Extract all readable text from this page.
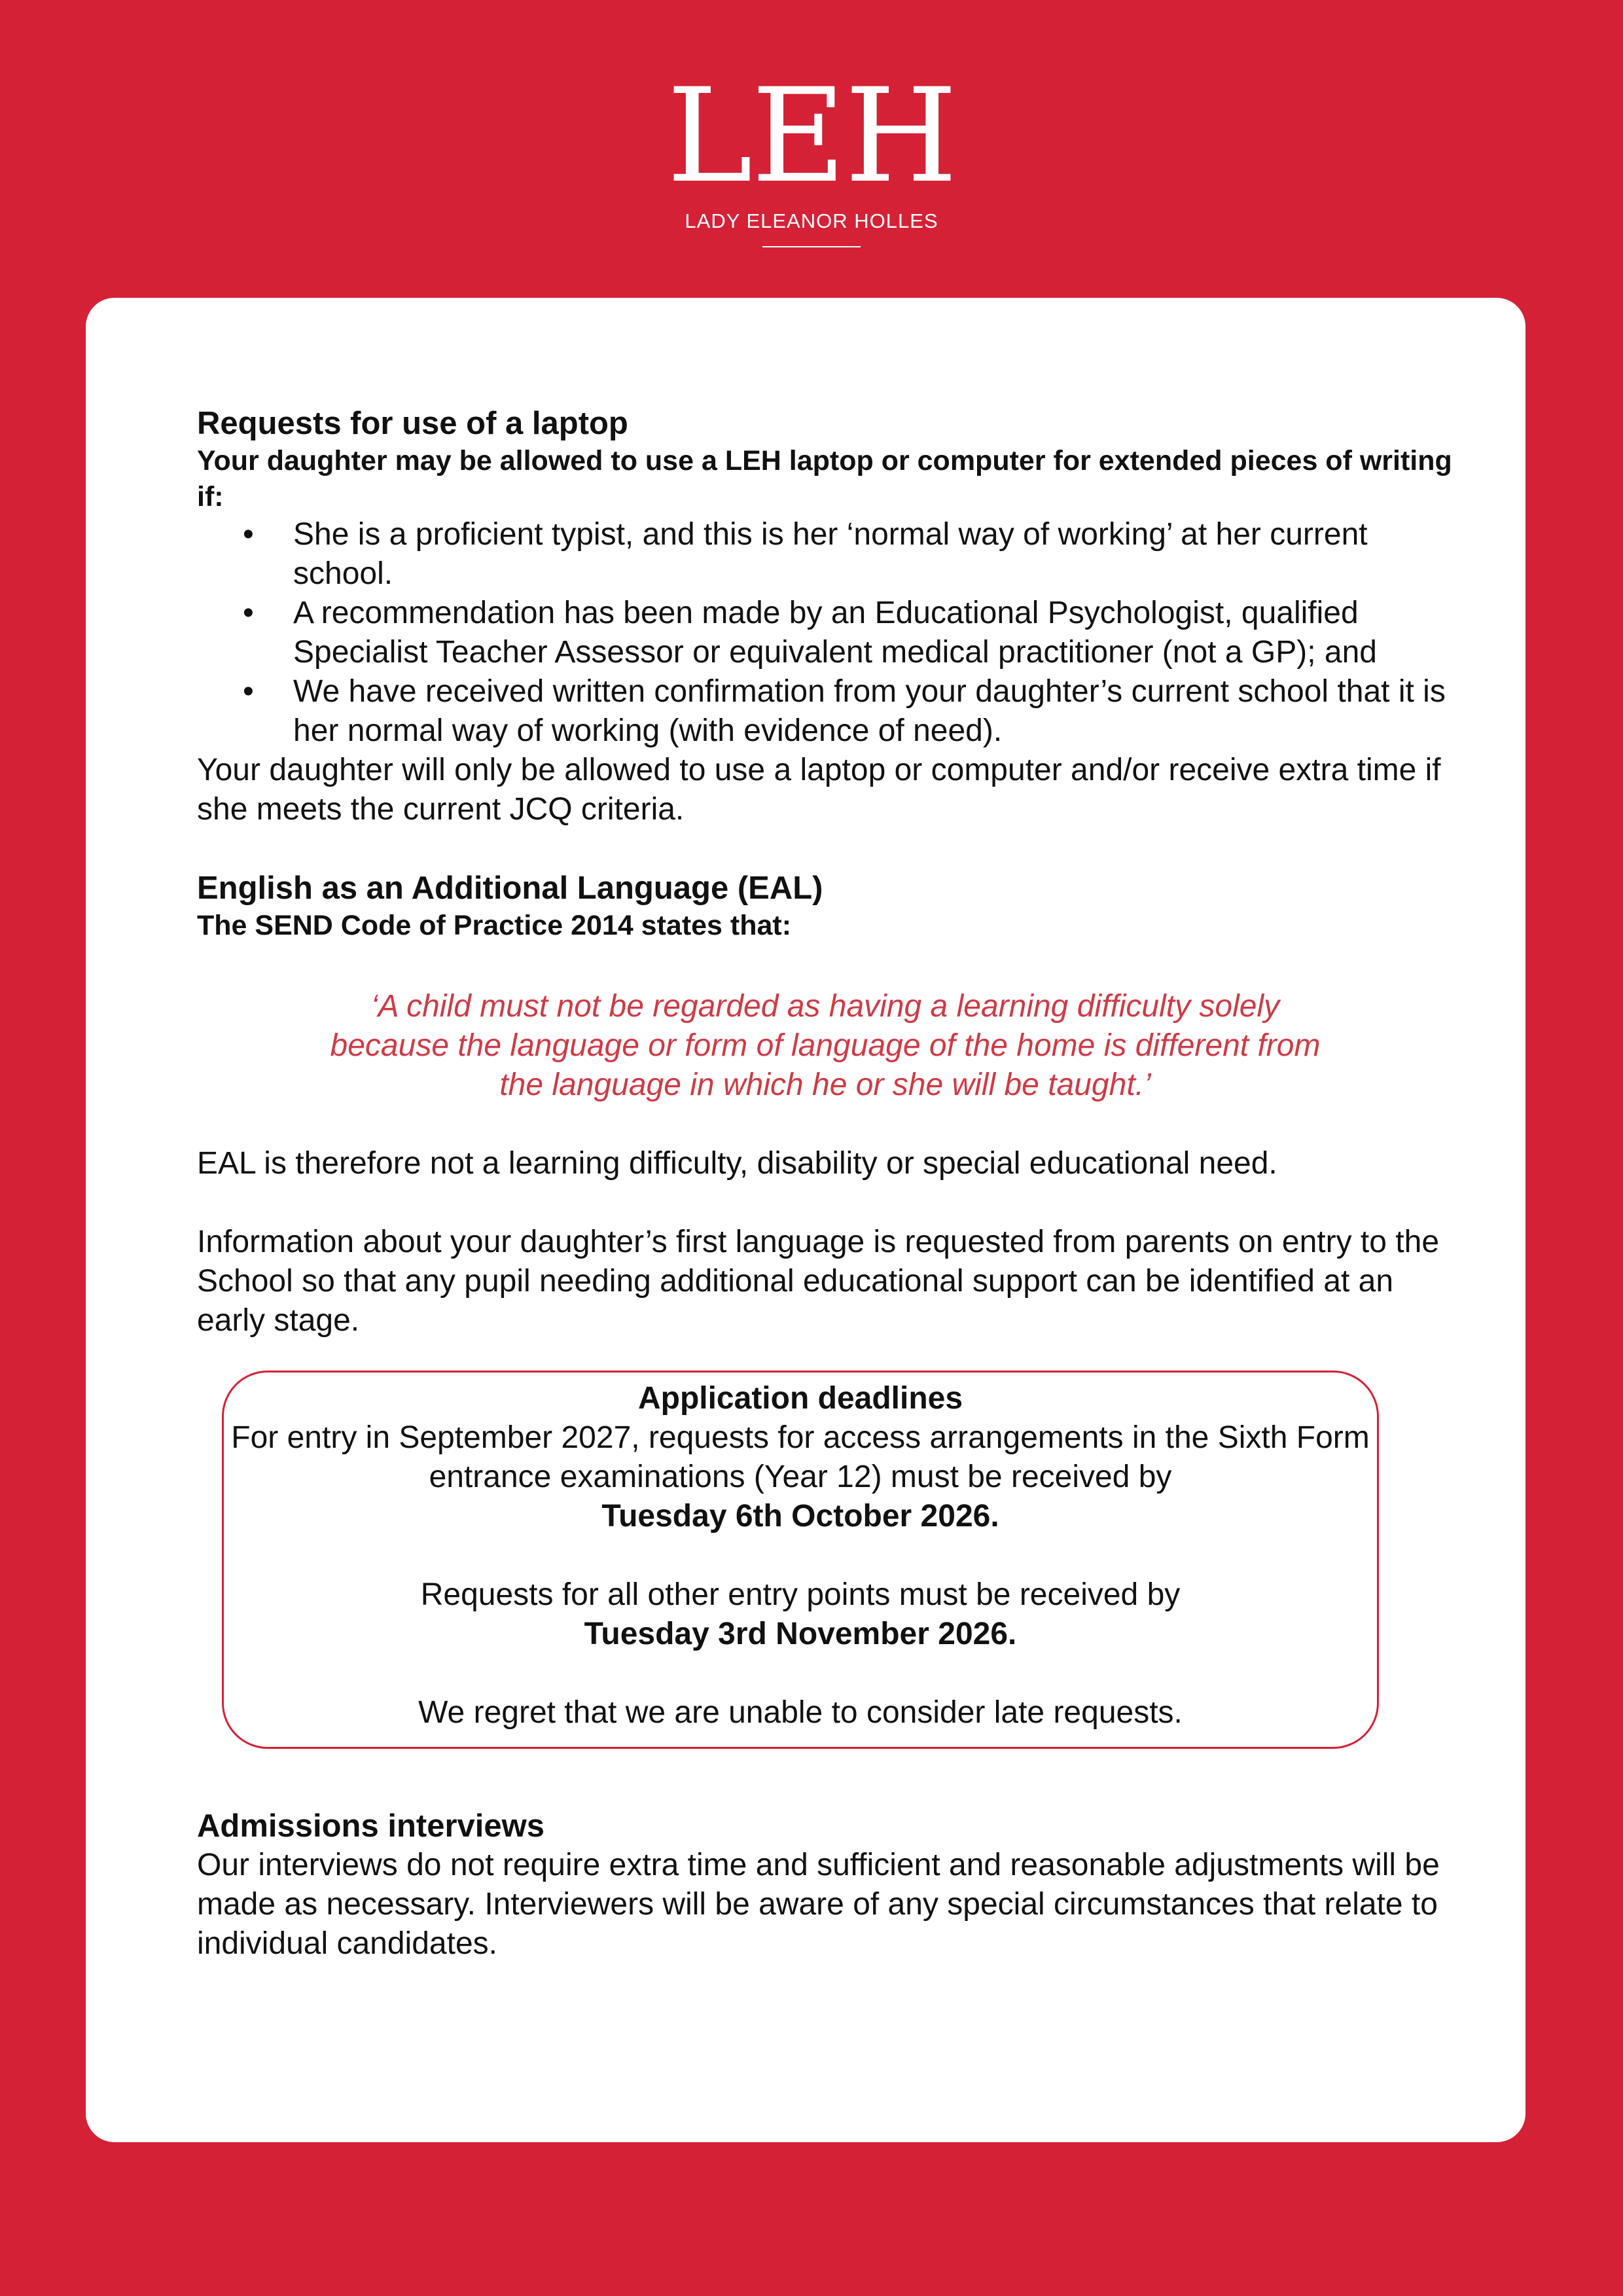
LEH
LADY ELEANOR HOLLES
Requests for use of a laptop

Your daughter may be allowed to use a LEH laptop or computer for extended pieces of writing if:

• She is a proficient typist, and this is her ‘normal way of working’ at her current school.
• A recommendation has been made by an Educational Psychologist, qualified Specialist Teacher Assessor or equivalent medical practitioner (not a GP); and
• We have received written confirmation from your daughter’s current school that it is her normal way of working (with evidence of need).

Your daughter will only be allowed to use a laptop or computer and/or receive extra time if she meets the current JCQ criteria.

English as an Additional Language (EAL)

The SEND Code of Practice 2014 states that:

‘A child must not be regarded as having a learning difficulty solely because the language or form of language of the home is different from the language in which he or she will be taught.’

EAL is therefore not a learning difficulty, disability or special educational need.

Information about your daughter’s first language is requested from parents on entry to the School so that any pupil needing additional educational support can be identified at an early stage.

Application deadlines
For entry in September 2027, requests for access arrangements in the Sixth Form entrance examinations (Year 12) must be received by
Tuesday 6th October 2026.
Requests for all other entry points must be received by
Tuesday 3rd November 2026.
We regret that we are unable to consider late requests.
Admissions interviews

Our interviews do not require extra time and sufficient and reasonable adjustments will be made as necessary. Interviewers will be aware of any special circumstances that relate to individual candidates.
